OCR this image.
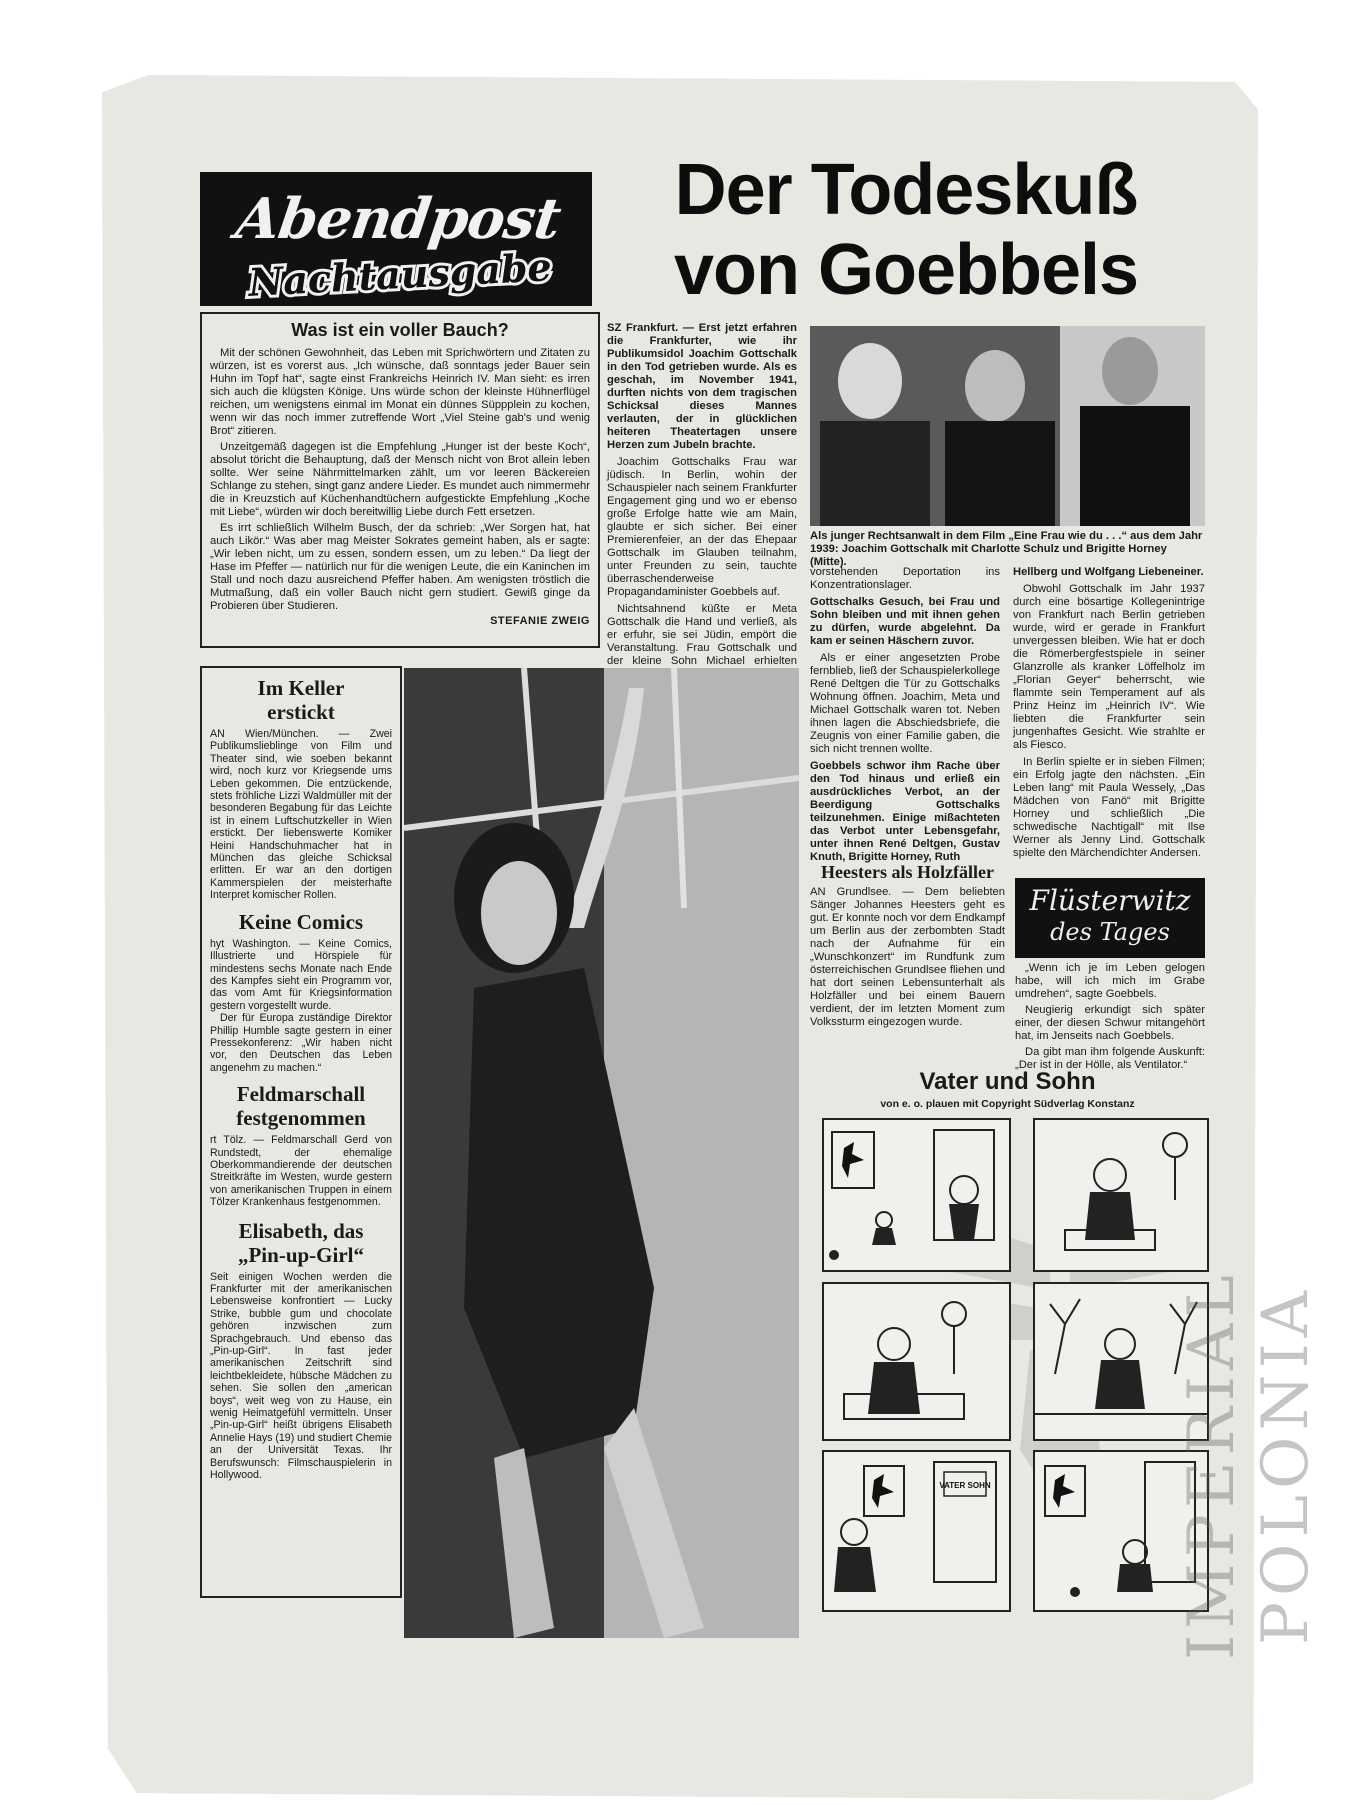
Abendpost
Nachtausgabe
Der Todeskuß
von Goebbels
Was ist ein voller Bauch?

Mit der schönen Gewohnheit, das Leben mit Sprichwörtern und Zitaten zu würzen, ist es vorerst aus. „Ich wünsche, daß sonntags jeder Bauer sein Huhn im Topf hat“, sagte einst Frankreichs Heinrich IV. Man sieht: es irren sich auch die klügsten Könige. Uns würde schon der kleinste Hühnerflügel reichen, um wenigstens einmal im Monat ein dünnes Süppplein zu kochen, wenn wir das noch immer zutreffende Wort „Viel Steine gab's und wenig Brot“ zitieren.

Unzeitgemäß dagegen ist die Empfehlung „Hunger ist der beste Koch“, absolut töricht die Behauptung, daß der Mensch nicht von Brot allein leben sollte. Wer seine Nährmittelmarken zählt, um vor leeren Bäckereien Schlange zu stehen, singt ganz andere Lieder. Es mundet auch nimmermehr die in Kreuzstich auf Küchenhandtüchern aufgestickte Empfehlung „Koche mit Liebe“, würden wir doch bereitwillig Liebe durch Fett ersetzen.

Es irrt schließlich Wilhelm Busch, der da schrieb: „Wer Sorgen hat, hat auch Likör.“ Was aber mag Meister Sokrates gemeint haben, als er sagte: „Wir leben nicht, um zu essen, sondern essen, um zu leben.“ Da liegt der Hase im Pfeffer — natürlich nur für die wenigen Leute, die ein Kaninchen im Stall und noch dazu ausreichend Pfeffer haben. Am wenigsten tröstlich die Mutmaßung, daß ein voller Bauch nicht gern studiert. Gewiß ginge da Probieren über Studieren.

STEFANIE ZWEIG
SZ Frankfurt. — Erst jetzt erfahren die Frankfurter, wie ihr Publikumsidol Joachim Gottschalk in den Tod getrieben wurde. Als es geschah, im November 1941, durften nichts von dem tragischen Schicksal dieses Mannes verlauten, der in glücklichen heiteren Theatertagen unsere Herzen zum Jubeln brachte.

Joachim Gottschalks Frau war jüdisch. In Berlin, wohin der Schauspieler nach seinem Frankfurter Engagement ging und wo er ebenso große Erfolge hatte wie am Main, glaubte er sich sicher. Bei einer Premierenfeier, an der das Ehepaar Gottschalk im Glauben teilnahm, unter Freunden zu sein, tauchte überraschenderweise Propagandaminister Goebbels auf.

Nichtsahnend küßte er Meta Gottschalk die Hand und verließ, als er erfuhr, sie sei Jüdin, empört die Veranstaltung. Frau Gottschalk und der kleine Sohn Michael erhielten

Als junger Rechtsanwalt in dem Film „Eine Frau wie du . . .“ aus dem Jahr 1939: Joachim Gottschalk mit Charlotte Schulz und Brigitte Horney (Mitte).
vorstehenden Deportation ins Konzentrationslager.
Gottschalks Gesuch, bei Frau und Sohn bleiben und mit ihnen gehen zu dürfen, wurde abgelehnt. Da kam er seinen Häschern zuvor.

Als er einer angesetzten Probe fernblieb, ließ der Schauspielerkollege René Deltgen die Tür zu Gottschalks Wohnung öffnen. Joachim, Meta und Michael Gottschalk waren tot. Neben ihnen lagen die Abschiedsbriefe, die Zeugnis von einer Familie gaben, die sich nicht trennen wollte.

Goebbels schwor ihm Rache über den Tod hinaus und erließ ein ausdrückliches Verbot, an der Beerdigung Gottschalks teilzunehmen. Einige mißachteten das Verbot unter Lebensgefahr, unter ihnen René Deltgen, Gustav Knuth, Brigitte Horney, Ruth
Hellberg und Wolfgang Liebeneiner.

Obwohl Gottschalk im Jahr 1937 durch eine bösartige Kollegenintrige von Frankfurt nach Berlin getrieben wurde, wird er gerade in Frankfurt unvergessen bleiben. Wie hat er doch die Römerbergfestspiele in seiner Glanzrolle als kranker Löffelholz im „Florian Geyer“ beherrscht, wie flammte sein Temperament auf als Prinz Heinz im „Heinrich IV“. Wie liebten die Frankfurter sein jungenhaftes Gesicht. Wie strahlte er als Fiesco.

In Berlin spielte er in sieben Filmen; ein Erfolg jagte den nächsten. „Ein Leben lang“ mit Paula Wessely, „Das Mädchen von Fanö“ mit Brigitte Horney und schließlich „Die schwedische Nachtigall“ mit Ilse Werner als Jenny Lind. Gottschalk spielte den Märchendichter Andersen.

Im Keller erstickt
AN Wien/München. — Zwei Publikumslieblinge von Film und Theater sind, wie soeben bekannt wird, noch kurz vor Kriegsende ums Leben gekommen. Die entzückende, stets fröhliche Lizzi Waldmüller mit der besonderen Begabung für das Leichte ist in einem Luftschutzkeller in Wien erstickt. Der liebenswerte Komiker Heini Handschuhmacher hat in München das gleiche Schicksal erlitten. Er war an den dortigen Kammerspielen der meisterhafte Interpret komischer Rollen.
Keine Comics
hyt Washington. — Keine Comics, Illustrierte und Hörspiele für mindestens sechs Monate nach Ende des Kampfes sieht ein Programm vor, das vom Amt für Kriegsinformation gestern vorgestellt wurde.
Der für Europa zuständige Direktor Phillip Humble sagte gestern in einer Pressekonferenz: „Wir haben nicht vor, den Deutschen das Leben angenehm zu machen.“
Feldmarschall festgenommen
rt Tölz. — Feldmarschall Gerd von Rundstedt, der ehemalige Oberkommandierende der deutschen Streitkräfte im Westen, wurde gestern von amerikanischen Truppen in einem Tölzer Krankenhaus festgenommen.
Elisabeth, das „Pin-up-Girl“
Seit einigen Wochen werden die Frankfurter mit der amerikanischen Lebensweise konfrontiert — Lucky Strike, bubble gum und chocolate gehören inzwischen zum Sprachgebrauch. Und ebenso das „Pin-up-Girl“. In fast jeder amerikanischen Zeitschrift sind leichtbekleidete, hübsche Mädchen zu sehen. Sie sollen den „american boys“, weit weg von zu Hause, ein wenig Heimatgefühl vermitteln. Unser „Pin-up-Girl“ heißt übrigens Elisabeth Annelie Hays (19) und studiert Chemie an der Universität Texas. Ihr Berufswunsch: Filmschauspielerin in Hollywood.
Heesters als Holzfäller
AN Grundlsee. — Dem beliebten Sänger Johannes Heesters geht es gut. Er konnte noch vor dem Endkampf um Berlin aus der zerbombten Stadt nach der Aufnahme für ein „Wunschkonzert“ im Rundfunk zum österreichischen Grundlsee fliehen und hat dort seinen Lebensunterhalt als Holzfäller und bei einem Bauern verdient, der im letzten Moment zum Volkssturm eingezogen wurde.
Flüsterwitz
des Tages

„Wenn ich je im Leben gelogen habe, will ich mich im Grabe umdrehen“, sagte Goebbels.

Neugierig erkundigt sich später einer, der diesen Schwur mitangehört hat, im Jenseits nach Goebbels.

Da gibt man ihm folgende Auskunft: „Der ist in der Hölle, als Ventilator.“

Vater und Sohn
von e. o. plauen mit Copyright Südverlag Konstanz
VATER SOHN	IMPERIAL POLONIA
